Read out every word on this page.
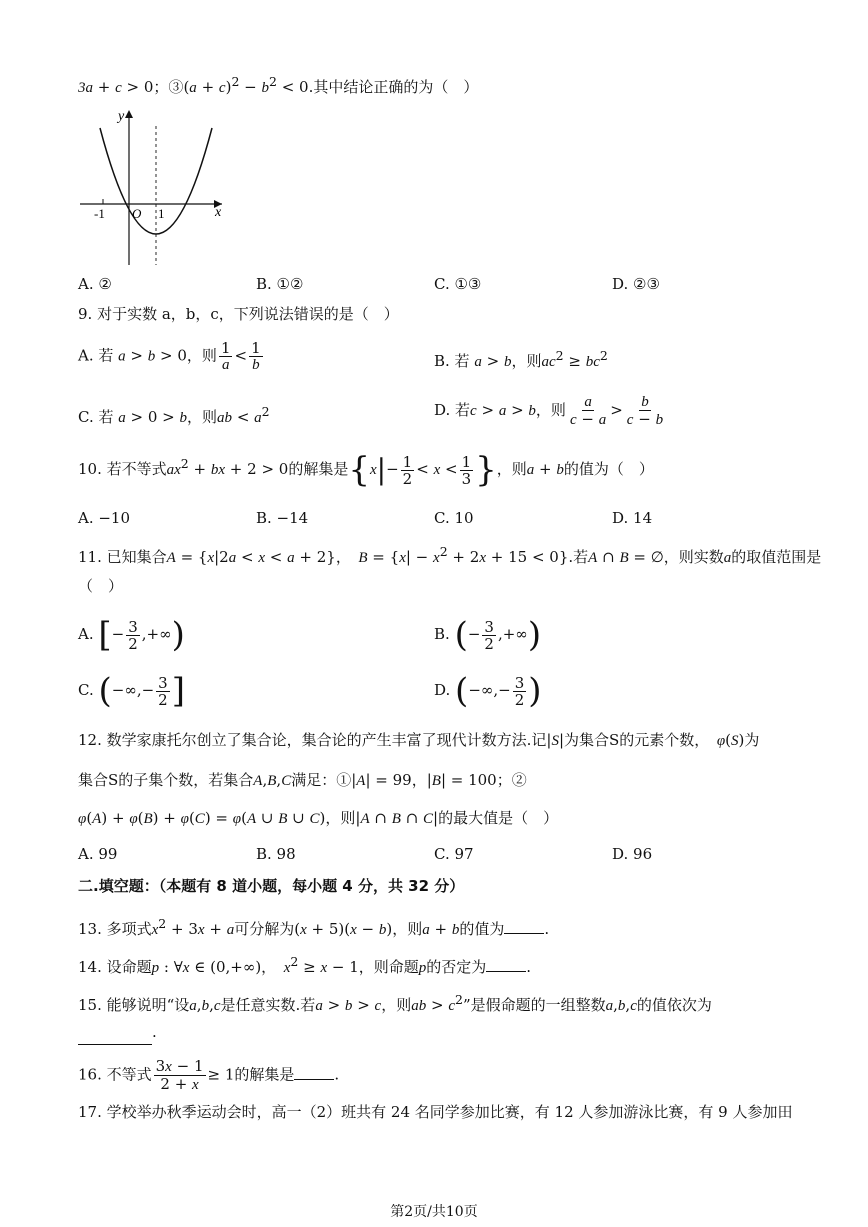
3a + c > 0；③(a + $c)^2 - b^2 < 0$.其中结论正确的为（　）
y
x
-1 O 1
A. ②	B. ①②	C. ①③	D. ②③
9. 对于实数 a，b，c，下列说法错误的是（　）
A. 若 a > b > 0，则 $\frac{1}{a} < \frac{1}{b}$	B. 若 a > b，则$ac^2 \ge bc^2$
C. 若 a > 0 > b，则ab < $a^2$	D. 若c > a > b，则 $\frac{a}{c - a} > \frac{b}{c - b}$
10. 若不等式$ax^2$ + bx + 2 > 0的解集是{$x|- \frac{1}{2} < x < \frac{1}{3}$ }，则a + b的值为（　）
A. −10	B. −14	C. 10	D. 14
11. 已知集合A = {x|2a < x < a + 2}，　 $B = \{x| - x^2 + 2x + 15 < 0\}$.若A ∩ B = ∅，则实数a的取值范围是
（　）
A. [− $\frac{3}{2}$ ,+∞)	B. (− $\frac{3}{2}$ ,+∞)
C. (−∞,− $\frac{3}{2}$ ]	D. (−∞,− $\frac{3}{2}$ )
12. 数学家康托尔创立了集合论，集合论的产生丰富了现代计数方法.记|S|为集合S的元素个数，　 φ(S)为
集合S的子集个数，若集合A,B,C满足：①|A| = 99，|B| = 100；②
φ(A) + φ(B) + φ(C) = φ(A ∪ B ∪ C)，则|A ∩ B ∩ C|的最大值是（　）
A. 99	B. 98	C. 97	D. 96
二.填空题：（本题有 8 道小题，每小题 4 分，共 32 分）
13. 多项式$x^2 + 3x + a$可分解为(x + 5)(x − b)，则a + b的值为	.
14. 设命题p : ∀x ∈ (0,+∞)，　 $x^2 \ge x - 1$，则命题p的否定为	.
15. 能够说明“设a,b,c是任意实数.若a > b > c，则ab > $c^2$”是假命题的一组整数a,b,c的值依次为
.
16. 不等式 $\frac{3x - 1}{2 + x} \ge 1$的解集是	.
17. 学校举办秋季运动会时，高一（2）班共有 24 名同学参加比赛，有 12 人参加游泳比赛，有 9 人参加田
第2页/共10页
